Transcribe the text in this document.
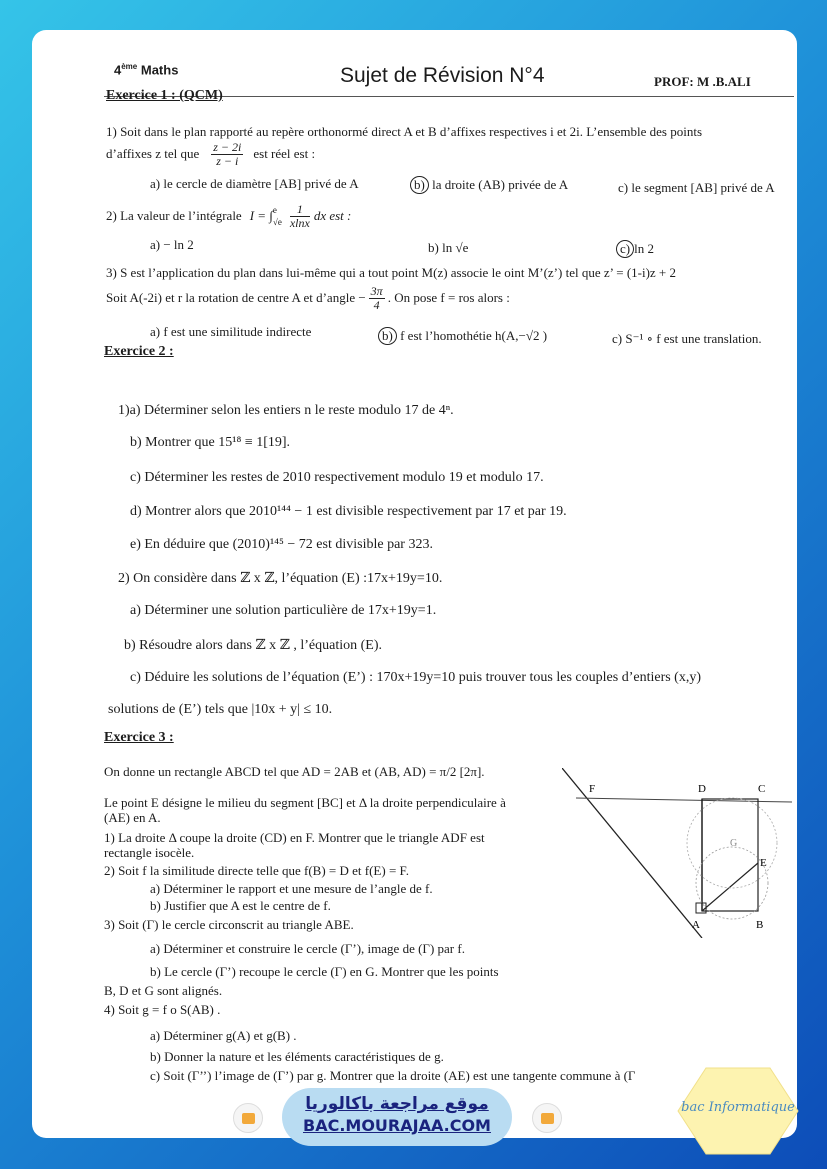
4ème Maths	Sujet de Révision N°4	PROF: M .B.ALI
Exercice 1 : (QCM)
1) Soit dans le plan rapporté au repère orthonormé direct A et B d’affixes respectives i et 2i. L’ensemble des points
d’affixes z tel que $\frac{z - 2i}{z - i}$ est réel est :
a) le cercle de diamètre [AB] privé de A	b) la droite (AB) privée de A	c) le segment [AB] privé de A
2) La valeur de l’intégrale I = ∫ e
$√e \frac{1}{xlnx}$ dx est :
a) − ln 2	b) ln √e	c) ln 2
3) S est l’application du plan dans lui-même qui a tout point M(z) associe le oint M’(z’) tel que z’ = (1-i)z + 2
Soit A(-2i) et r la rotation de centre A et d’angle − $\frac{3\pi}{4}$ . On pose f = ros alors :
a) f est une similitude indirecte	b) f est l’homothétie h(A,−√2 )	c) S⁻¹ ∘ f est une translation.
Exercice 2 :
1)a) Déterminer selon les entiers n le reste modulo 17 de 4ⁿ.
b) Montrer que 15¹⁸ ≡ 1[19].
c) Déterminer les restes de 2010 respectivement modulo 19 et modulo 17.
d) Montrer alors que 2010¹⁴⁴ − 1 est divisible respectivement par 17 et par 19.
e) En déduire que (2010)¹⁴⁵ − 72 est divisible par 323.
2) On considère dans ℤ x ℤ, l’équation (E) :17x+19y=10.
a) Déterminer une solution particulière de 17x+19y=1.
b) Résoudre alors dans ℤ x ℤ , l’équation (E).
c) Déduire les solutions de l’équation (E’) : 170x+19y=10 puis trouver tous les couples d’entiers (x,y)
solutions de (E’) tels que |10x + y| ≤ 10.
Exercice 3 :
On donne un rectangle ABCD tel que AD = 2AB et (AB, AD) = π/2 [2π].
Le point E désigne le milieu du segment [BC] et Δ la droite perpendiculaire à
(AE) en A.
1) La droite Δ coupe la droite (CD) en F. Montrer que le triangle ADF est
rectangle isocèle.
2) Soit f la similitude directe telle que f(B) = D et f(E) = F.
a) Déterminer le rapport et une mesure de l’angle de f.
b) Justifier que A est le centre de f.
3) Soit (Γ) le cercle circonscrit au triangle ABE.
a) Déterminer et construire le cercle (Γ’), image de (Γ) par f.
b) Le cercle (Γ’) recoupe le cercle (Γ) en G. Montrer que les points
B, D et G sont alignés.
4) Soit g = f o S(AB) .
a) Déterminer g(A) et g(B) .
b) Donner la nature et les éléments caractéristiques de g.
c) Soit (Γ’’) l’image de (Γ’) par g. Montrer que la droite (AE) est une tangente commune à (Γ
F	D	C
G
E
A	B
موقع مراجعة باكالوريا
BAC.MOURAJAA.COM
bac Informatique
